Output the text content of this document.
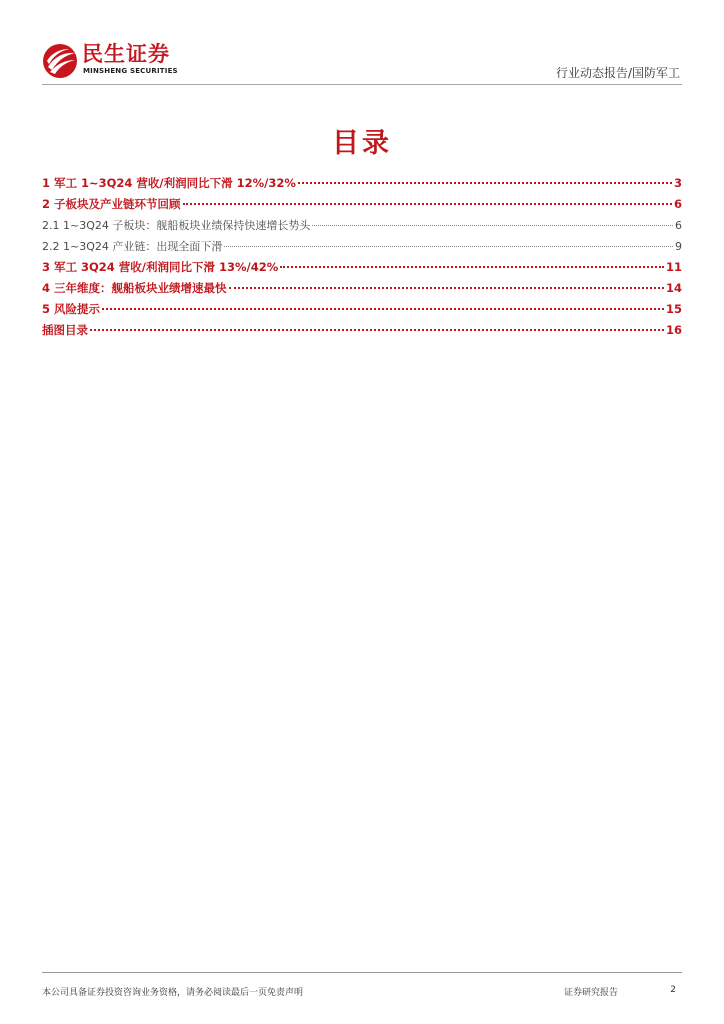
民生证券
MINSHENG SECURITIES	行业动态报告/国防军工
目录
1 军工 1~3Q24 营收/利润同比下滑 12%/32%	3
2 子板块及产业链环节回顾	6
2.1 1~3Q24 子板块：舰船板块业绩保持快速增长势头	6
2.2 1~3Q24 产业链：出现全面下滑	9
3 军工 3Q24 营收/利润同比下滑 13%/42%	11
4 三年维度：舰船板块业绩增速最快	14
5 风险提示	15
插图目录	16
本公司具备证券投资咨询业务资格，请务必阅读最后一页免责声明	证券研究报告	2
